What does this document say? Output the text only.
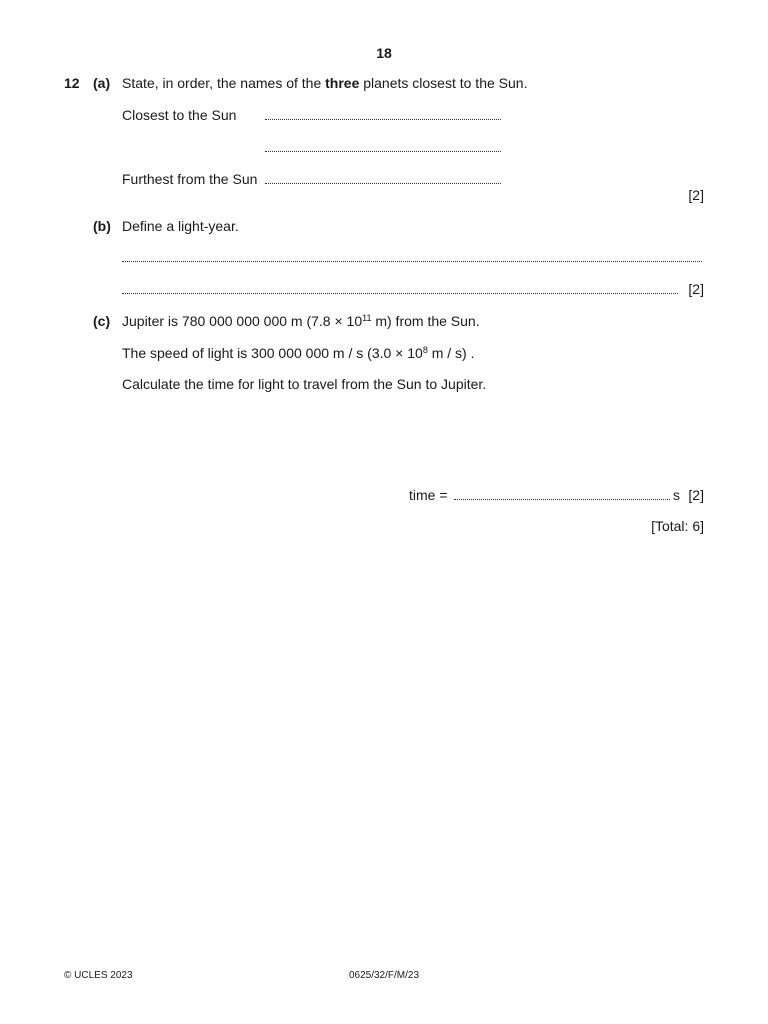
18
12 (a) State, in order, the names of the three planets closest to the Sun.
Closest to the Sun
Furthest from the Sun
[2]
(b) Define a light-year.
[2]
(c) Jupiter is 780 000 000 000 m ($7.8 \times 10^{11}$ m) from the Sun.
The speed of light is 300 000 000 m / s ($3.0 \times 10^8$ m / s) .
Calculate the time for light to travel from the Sun to Jupiter.
time =	s [2]
[Total: 6]
© UCLES 2023	0625/32/F/M/23
